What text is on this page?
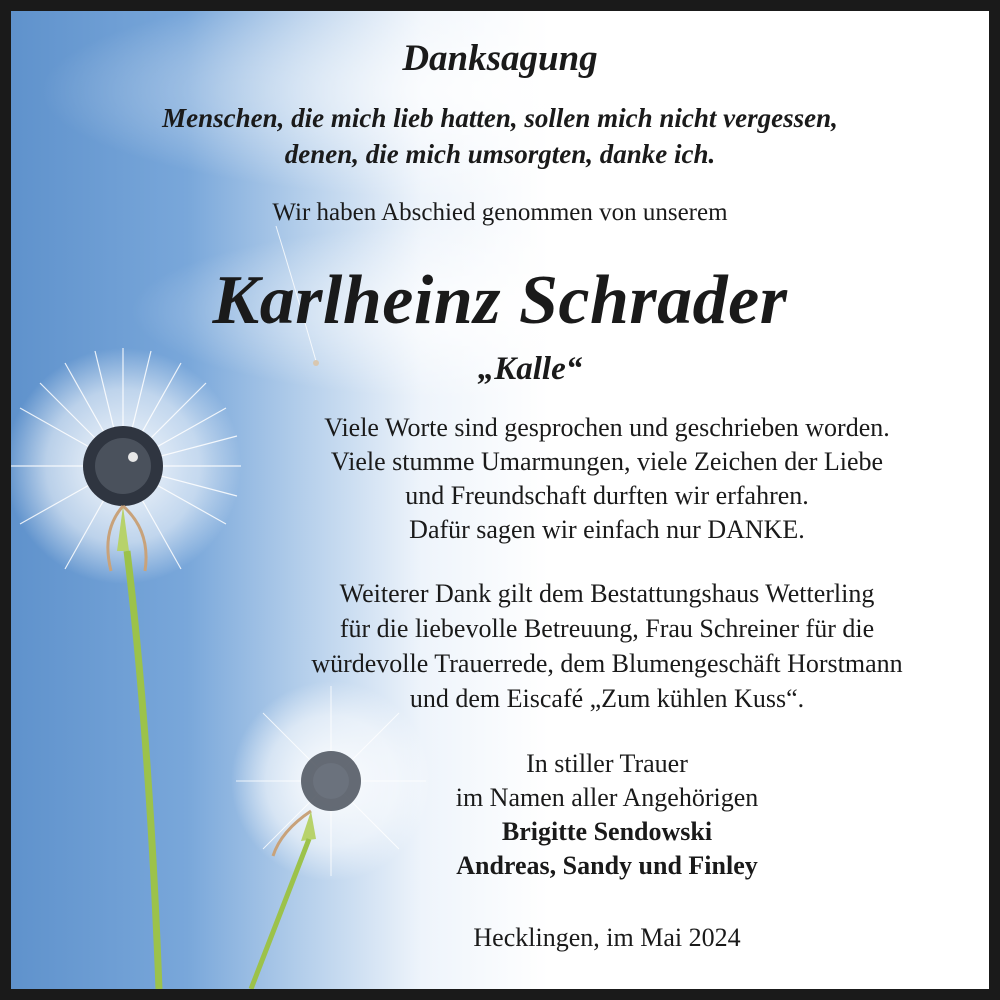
Danksagung
Menschen, die mich lieb hatten, sollen mich nicht vergessen,
denen, die mich umsorgten, danke ich.
Wir haben Abschied genommen von unserem
Karlheinz Schrader
„Kalle“
Viele Worte sind gesprochen und geschrieben worden.
Viele stumme Umarmungen, viele Zeichen der Liebe
und Freundschaft durften wir erfahren.
Dafür sagen wir einfach nur DANKE.
Weiterer Dank gilt dem Bestattungshaus Wetterling
für die liebevolle Betreuung, Frau Schreiner für die
würdevolle Trauerrede, dem Blumengeschäft Horstmann
und dem Eiscafé „Zum kühlen Kuss“.
In stiller Trauer
im Namen aller Angehörigen
Brigitte Sendowski
Andreas, Sandy und Finley
Hecklingen, im Mai 2024
